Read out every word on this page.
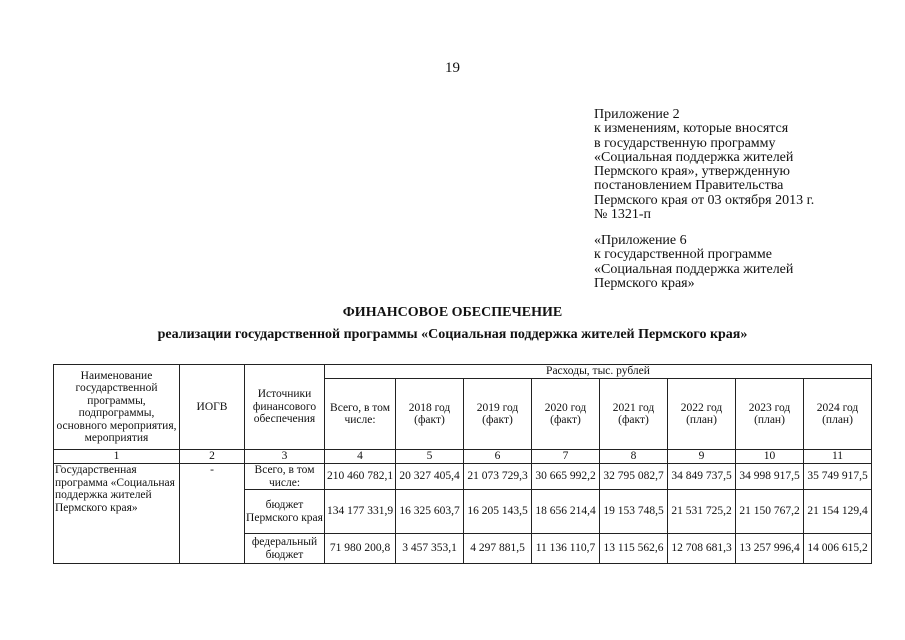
19
Приложение 2
к изменениям, которые вносятся
в государственную программу
«Социальная поддержка жителей
Пермского края», утвержденную
постановлением Правительства
Пермского края от 03 октября 2013 г.
№ 1321-п
«Приложение 6
к государственной программе
«Социальная поддержка жителей
Пермского края»
ФИНАНСОВОЕ ОБЕСПЕЧЕНИЕ
реализации государственной программы «Социальная поддержка жителей Пермского края»
Наименование государственной программы, подпрограммы, основного мероприятия, мероприятия	ИОГВ	Источники финансового обеспечения	Расходы, тыс. рублей							
			Всего, в том числе:	2018 год (факт)	2019 год (факт)	2020 год (факт)	2021 год (факт)	2022 год (план)	2023 год (план)	2024 год (план)
1	2	3	4	5	6	7	8	9	10	11
Государственная программа «Социальная поддержка жителей Пермского края»	-	Всего, в том числе:	210 460 782,1	20 327 405,4	21 073 729,3	30 665 992,2	32 795 082,7	34 849 737,5	34 998 917,5	35 749 917,5
		бюджет Пермского края	134 177 331,9	16 325 603,7	16 205 143,5	18 656 214,4	19 153 748,5	21 531 725,2	21 150 767,2	21 154 129,4
		федеральный бюджет	71 980 200,8	3 457 353,1	4 297 881,5	11 136 110,7	13 115 562,6	12 708 681,3	13 257 996,4	14 006 615,2
